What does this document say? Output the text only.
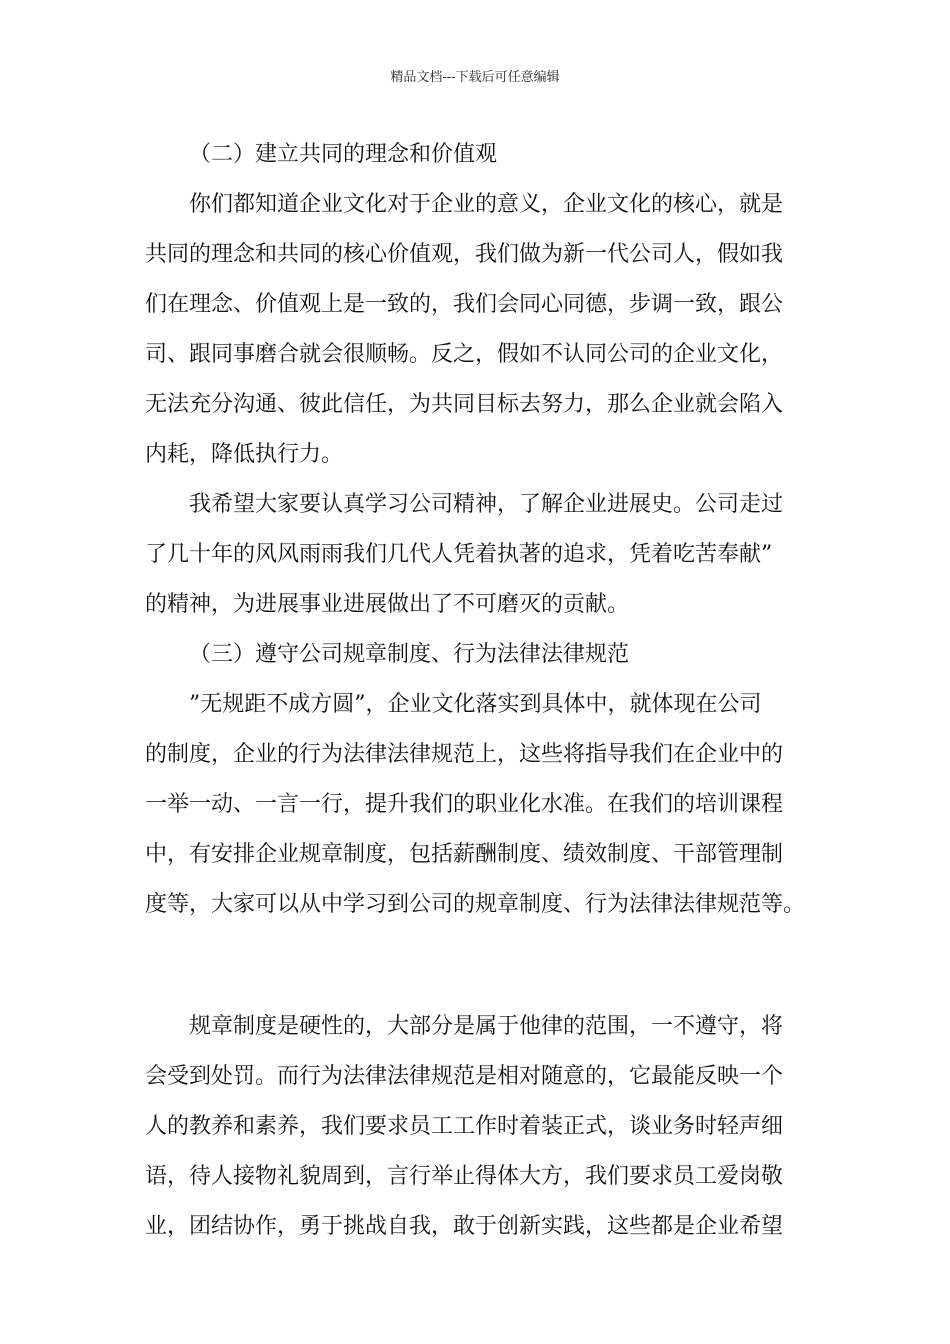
精品文档---下载后可任意编辑
（二）建立共同的理念和价值观
你们都知道企业文化对于企业的意义，企业文化的核心，就是
共同的理念和共同的核心价值观，我们做为新一代公司人，假如我
们在理念、价值观上是一致的，我们会同心同德，步调一致，跟公
司、跟同事磨合就会很顺畅。反之，假如不认同公司的企业文化，
无法充分沟通、彼此信任，为共同目标去努力，那么企业就会陷入
内耗，降低执行力。
我希望大家要认真学习公司精神，了解企业进展史。公司走过
了几十年的风风雨雨我们几代人凭着执著的追求，凭着吃苦奉献”
的精神，为进展事业进展做出了不可磨灭的贡献。
（三）遵守公司规章制度、行为法律法律规范
”无规距不成方圆”，企业文化落实到具体中，就体现在公司
的制度，企业的行为法律法律规范上，这些将指导我们在企业中的
一举一动、一言一行，提升我们的职业化水准。在我们的培训课程
中，有安排企业规章制度，包括薪酬制度、绩效制度、干部管理制
度等，大家可以从中学习到公司的规章制度、行为法律法律规范等。
规章制度是硬性的，大部分是属于他律的范围，一不遵守，将
会受到处罚。而行为法律法律规范是相对随意的，它最能反映一个
人的教养和素养，我们要求员工工作时着装正式，谈业务时轻声细
语，待人接物礼貌周到，言行举止得体大方，我们要求员工爱岗敬
业，团结协作，勇于挑战自我，敢于创新实践，这些都是企业希望
